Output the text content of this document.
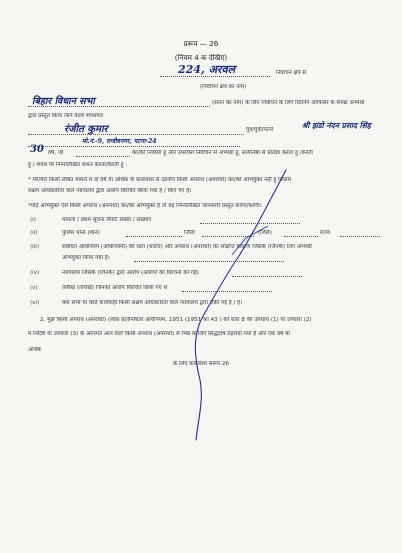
प्ररूप — 26
(नियम 4 क देखिए)
224, अरवल	निर्वाचन क्षेत्र से
(निर्वाचन क्षेत्र का नाम)
बिहार विधान सभा	(सदन का नाम) के लिए निर्वाचन के लिए रिटर्निंग आफिसर के समक्ष अभ्यर्थी
द्वारा प्रस्तुत किया जाने वाला शपथपत्र
रंजीत कुमार	पुत्र/पुत्री/पत्नी	श्री झंडो नंदन प्रसाद सिंह
मो.नं.-9, राजीवनगर, पटना-24
30 वर्ष, जो	का/की निवासी हूं और उपरोक्त निर्वाचन से अभ्यर्थी हूं, सत्यनिष्ठा से प्रतिज्ञा करता हूं /करती
हूं / शपथ पर निम्नलिखित कथन करता/करती हूं :
* मेरे/मेरा किसी लंबित मामले में दो वर्ष या अधिक के कारावास से दंडनीय किसी अपराध (अपराधों) का/की अभियुक्त नहीं हूं जिसमें
सक्षम अधिकारिता वाले न्यायालय द्वारा आरोप विरचित किया गया है / किए गए है।
*यदि अभियुक्त ऐसे किसी अपराध (अपराधों) का/की अभियुक्त है तो वह निम्नलिखित जानकारी प्रस्तुत करेगा/करेगी।
(i)	मामला / प्रथम सूचना रिपोर्ट संख्या / संख्याएं
(ii)	पुलिस थाना (थाने)	जिला	(जिले)	राज्य
(iii)	संबंधित अधिनियम (अधिनियमों) की धारा (धाराएँ) और अपराध (अपराधों) का संक्षिप्त विवरण जिसके (जिनके) लिए अभ्यर्थी
अभियुक्त किया गया है।
(iv)	न्यायालय जिसके (जिनके) द्वारा आरोप (आरोपों की विरचना की गई)
(v)	तारीख (तारीखें) जिनको आरोप विरचित किया गए थे
(vi)	क्या सभी या कोई कार्यवाही किसी सक्षम अधिकारिता वाले न्यायालय द्वारा रोकी गई है / है।
2. मुझे किसी अपराध (अपराधों) (लोक प्रतिनिधित्व अधिनियम, 1951 (1951 का 43 ) की धारा 8 की उपधारा (1) या उपधारा (2)
में निर्दिष्ट या उपधारा (3) के अंतरगत आने वाले किसी अपराध (अपराधों) से भिन्न के लिए सिद्धदोष ठहराया गया है और एक वर्ष या
अधिक
के लिए कारावास सरूप 26
